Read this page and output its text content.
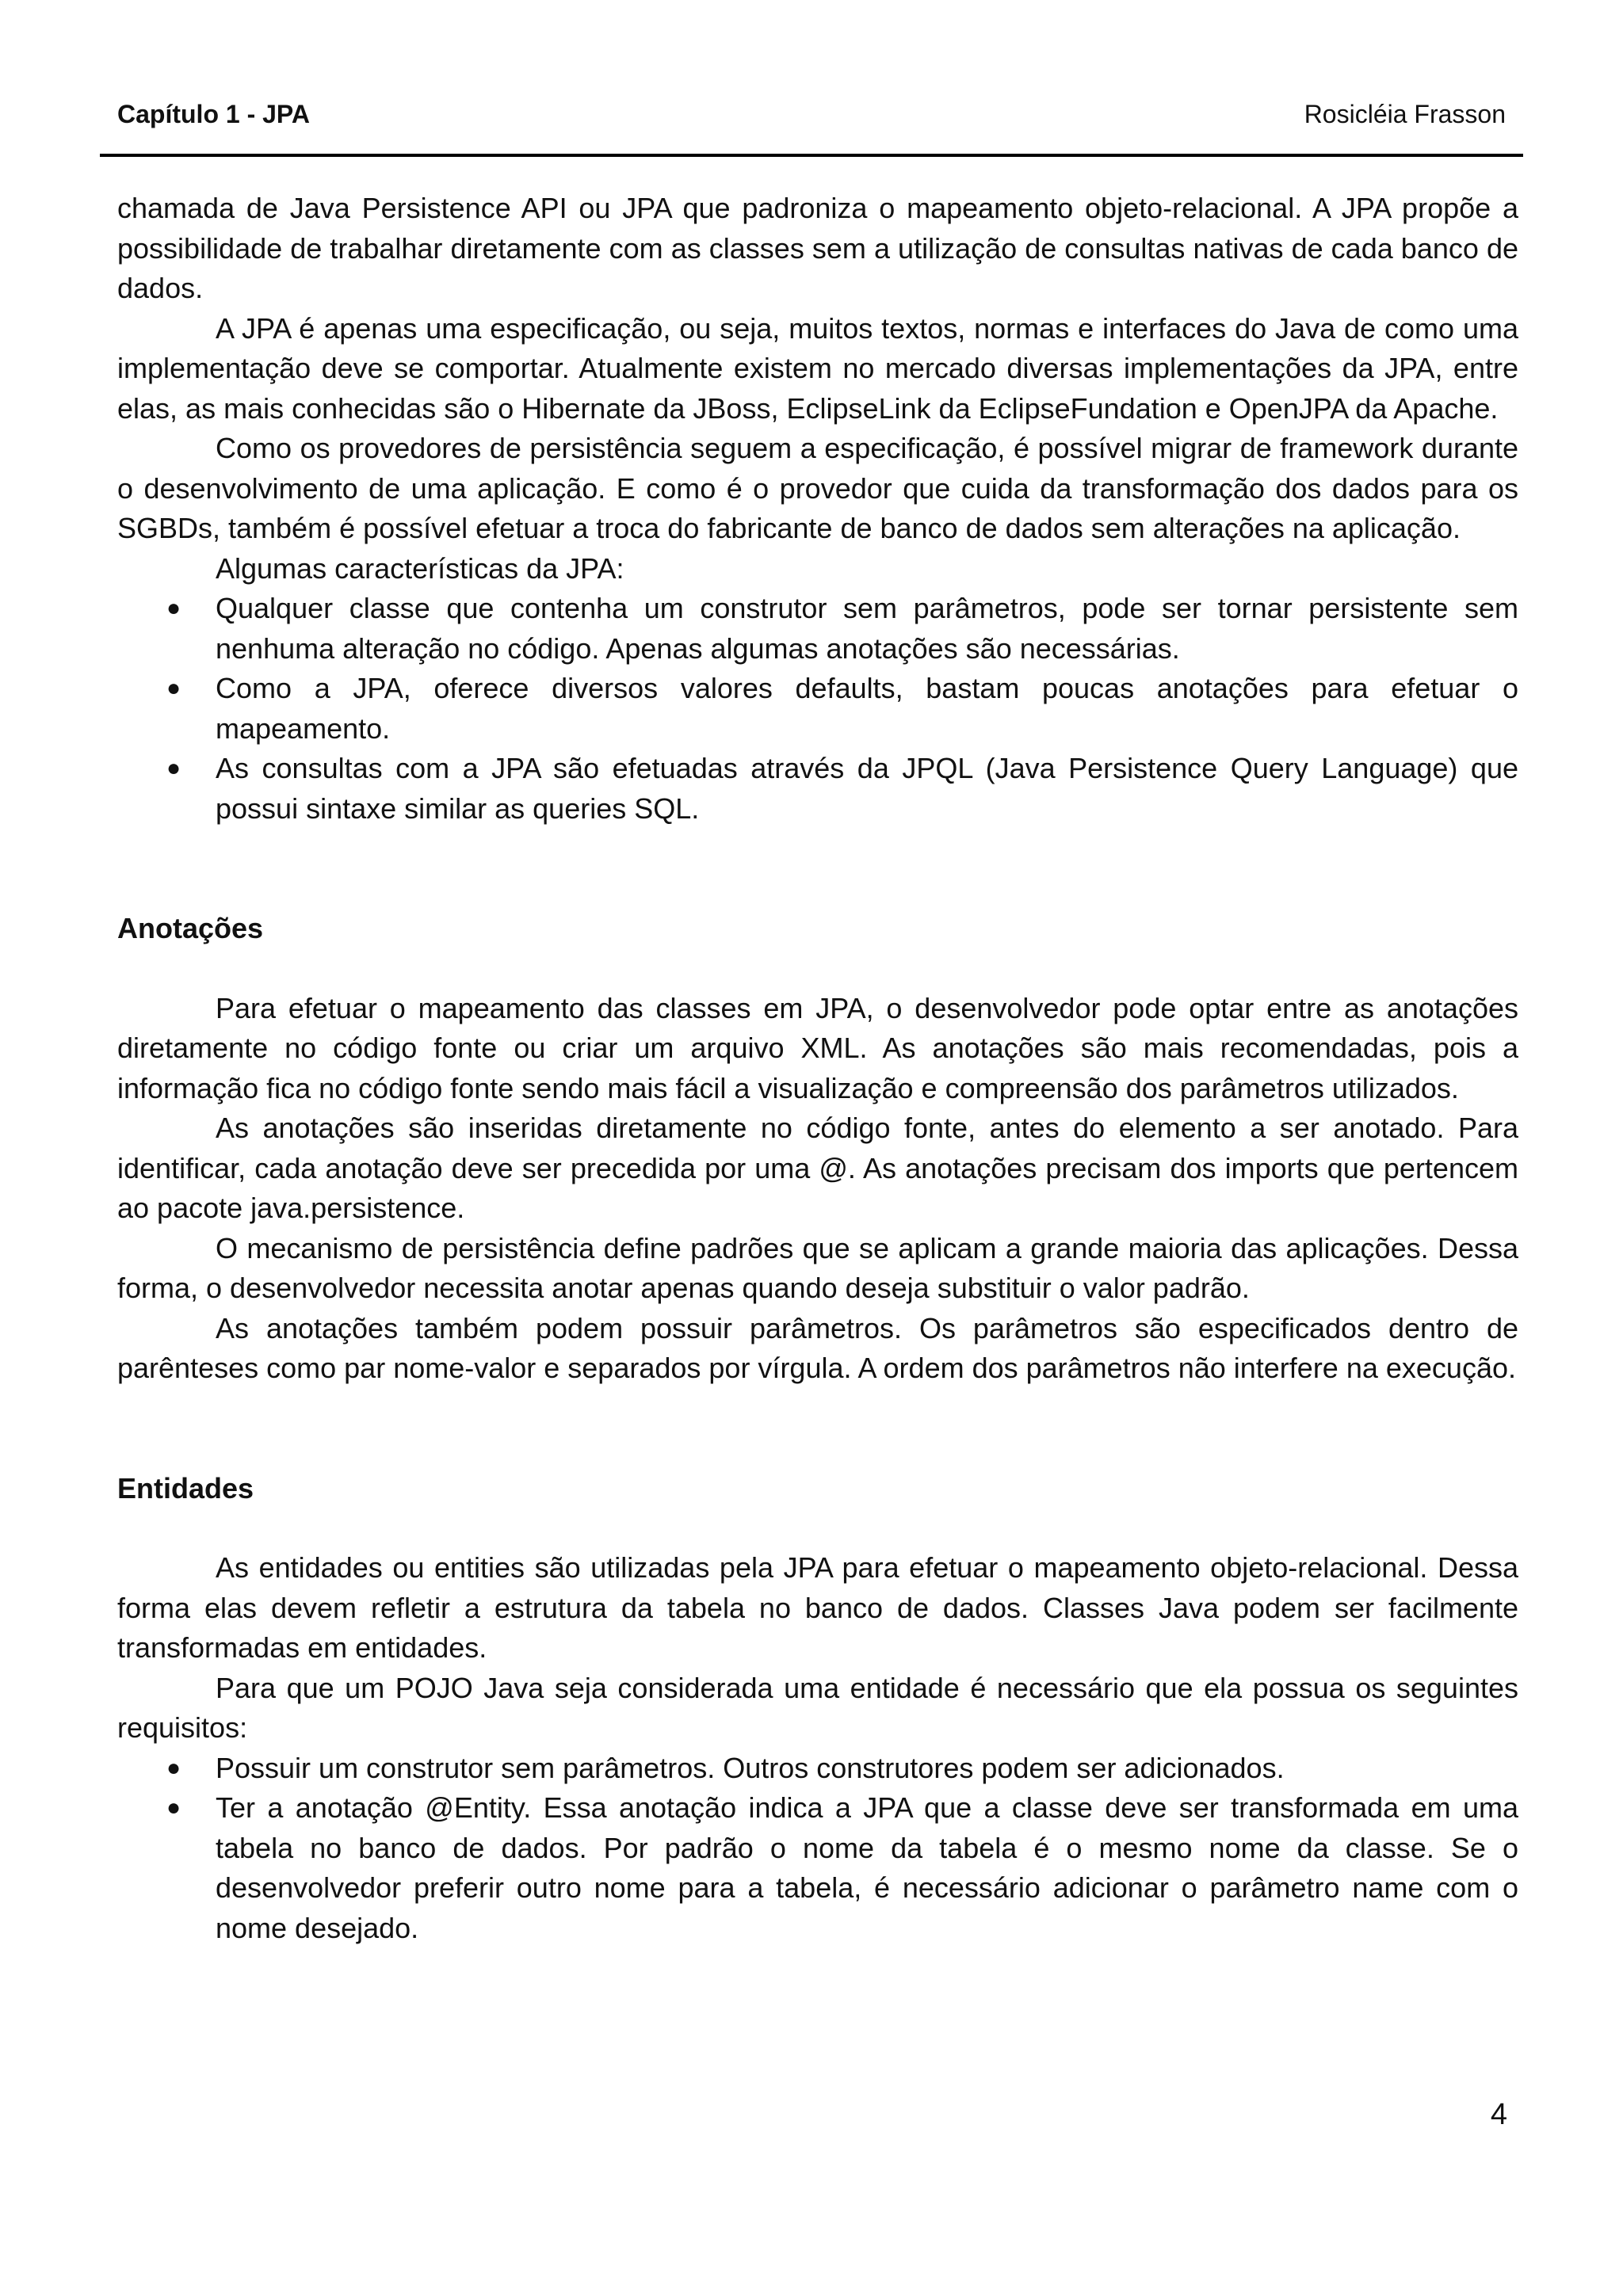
Capítulo 1 - JPA	Rosicléia Frasson

chamada de Java Persistence API ou JPA que padroniza o mapeamento objeto-relacional. A JPA propõe a possibilidade de trabalhar diretamente com as classes sem a utilização de consultas nativas de cada banco de dados.

A JPA é apenas uma especificação, ou seja, muitos textos, normas e interfaces do Java de como uma implementação deve se comportar. Atualmente existem no mercado diversas implementações da JPA, entre elas, as mais conhecidas são o Hibernate da JBoss, EclipseLink da EclipseFundation e OpenJPA da Apache.

Como os provedores de persistência seguem a especificação, é possível migrar de framework durante o desenvolvimento de uma aplicação. E como é o provedor que cuida da transformação dos dados para os SGBDs, também é possível efetuar a troca do fabricante de banco de dados sem alterações na aplicação.

Algumas características da JPA:

● Qualquer classe que contenha um construtor sem parâmetros, pode ser tornar persistente sem nenhuma alteração no código. Apenas algumas anotações são necessárias.
● Como a JPA, oferece diversos valores defaults, bastam poucas anotações para efetuar o mapeamento.
● As consultas com a JPA são efetuadas através da JPQL (Java Persistence Query Language) que possui sintaxe similar as queries SQL.
Anotações

Para efetuar o mapeamento das classes em JPA, o desenvolvedor pode optar entre as anotações diretamente no código fonte ou criar um arquivo XML. As anotações são mais recomendadas, pois a informação fica no código fonte sendo mais fácil a visualização e compreensão dos parâmetros utilizados.

As anotações são inseridas diretamente no código fonte, antes do elemento a ser anotado. Para identificar, cada anotação deve ser precedida por uma @. As anotações precisam dos imports que pertencem ao pacote java.persistence.

O mecanismo de persistência define padrões que se aplicam a grande maioria das aplicações. Dessa forma, o desenvolvedor necessita anotar apenas quando deseja substituir o valor padrão.

As anotações também podem possuir parâmetros. Os parâmetros são especificados dentro de parênteses como par nome-valor e separados por vírgula. A ordem dos parâmetros não interfere na execução.

Entidades

As entidades ou entities são utilizadas pela JPA para efetuar o mapeamento objeto-relacional. Dessa forma elas devem refletir a estrutura da tabela no banco de dados. Classes Java podem ser facilmente transformadas em entidades.

Para que um POJO Java seja considerada uma entidade é necessário que ela possua os seguintes requisitos:

● Possuir um construtor sem parâmetros. Outros construtores podem ser adicionados.
● Ter a anotação @Entity. Essa anotação indica a JPA que a classe deve ser transformada em uma tabela no banco de dados. Por padrão o nome da tabela é o mesmo nome da classe. Se o desenvolvedor preferir outro nome para a tabela, é necessário adicionar o parâmetro name com o nome desejado.
4
